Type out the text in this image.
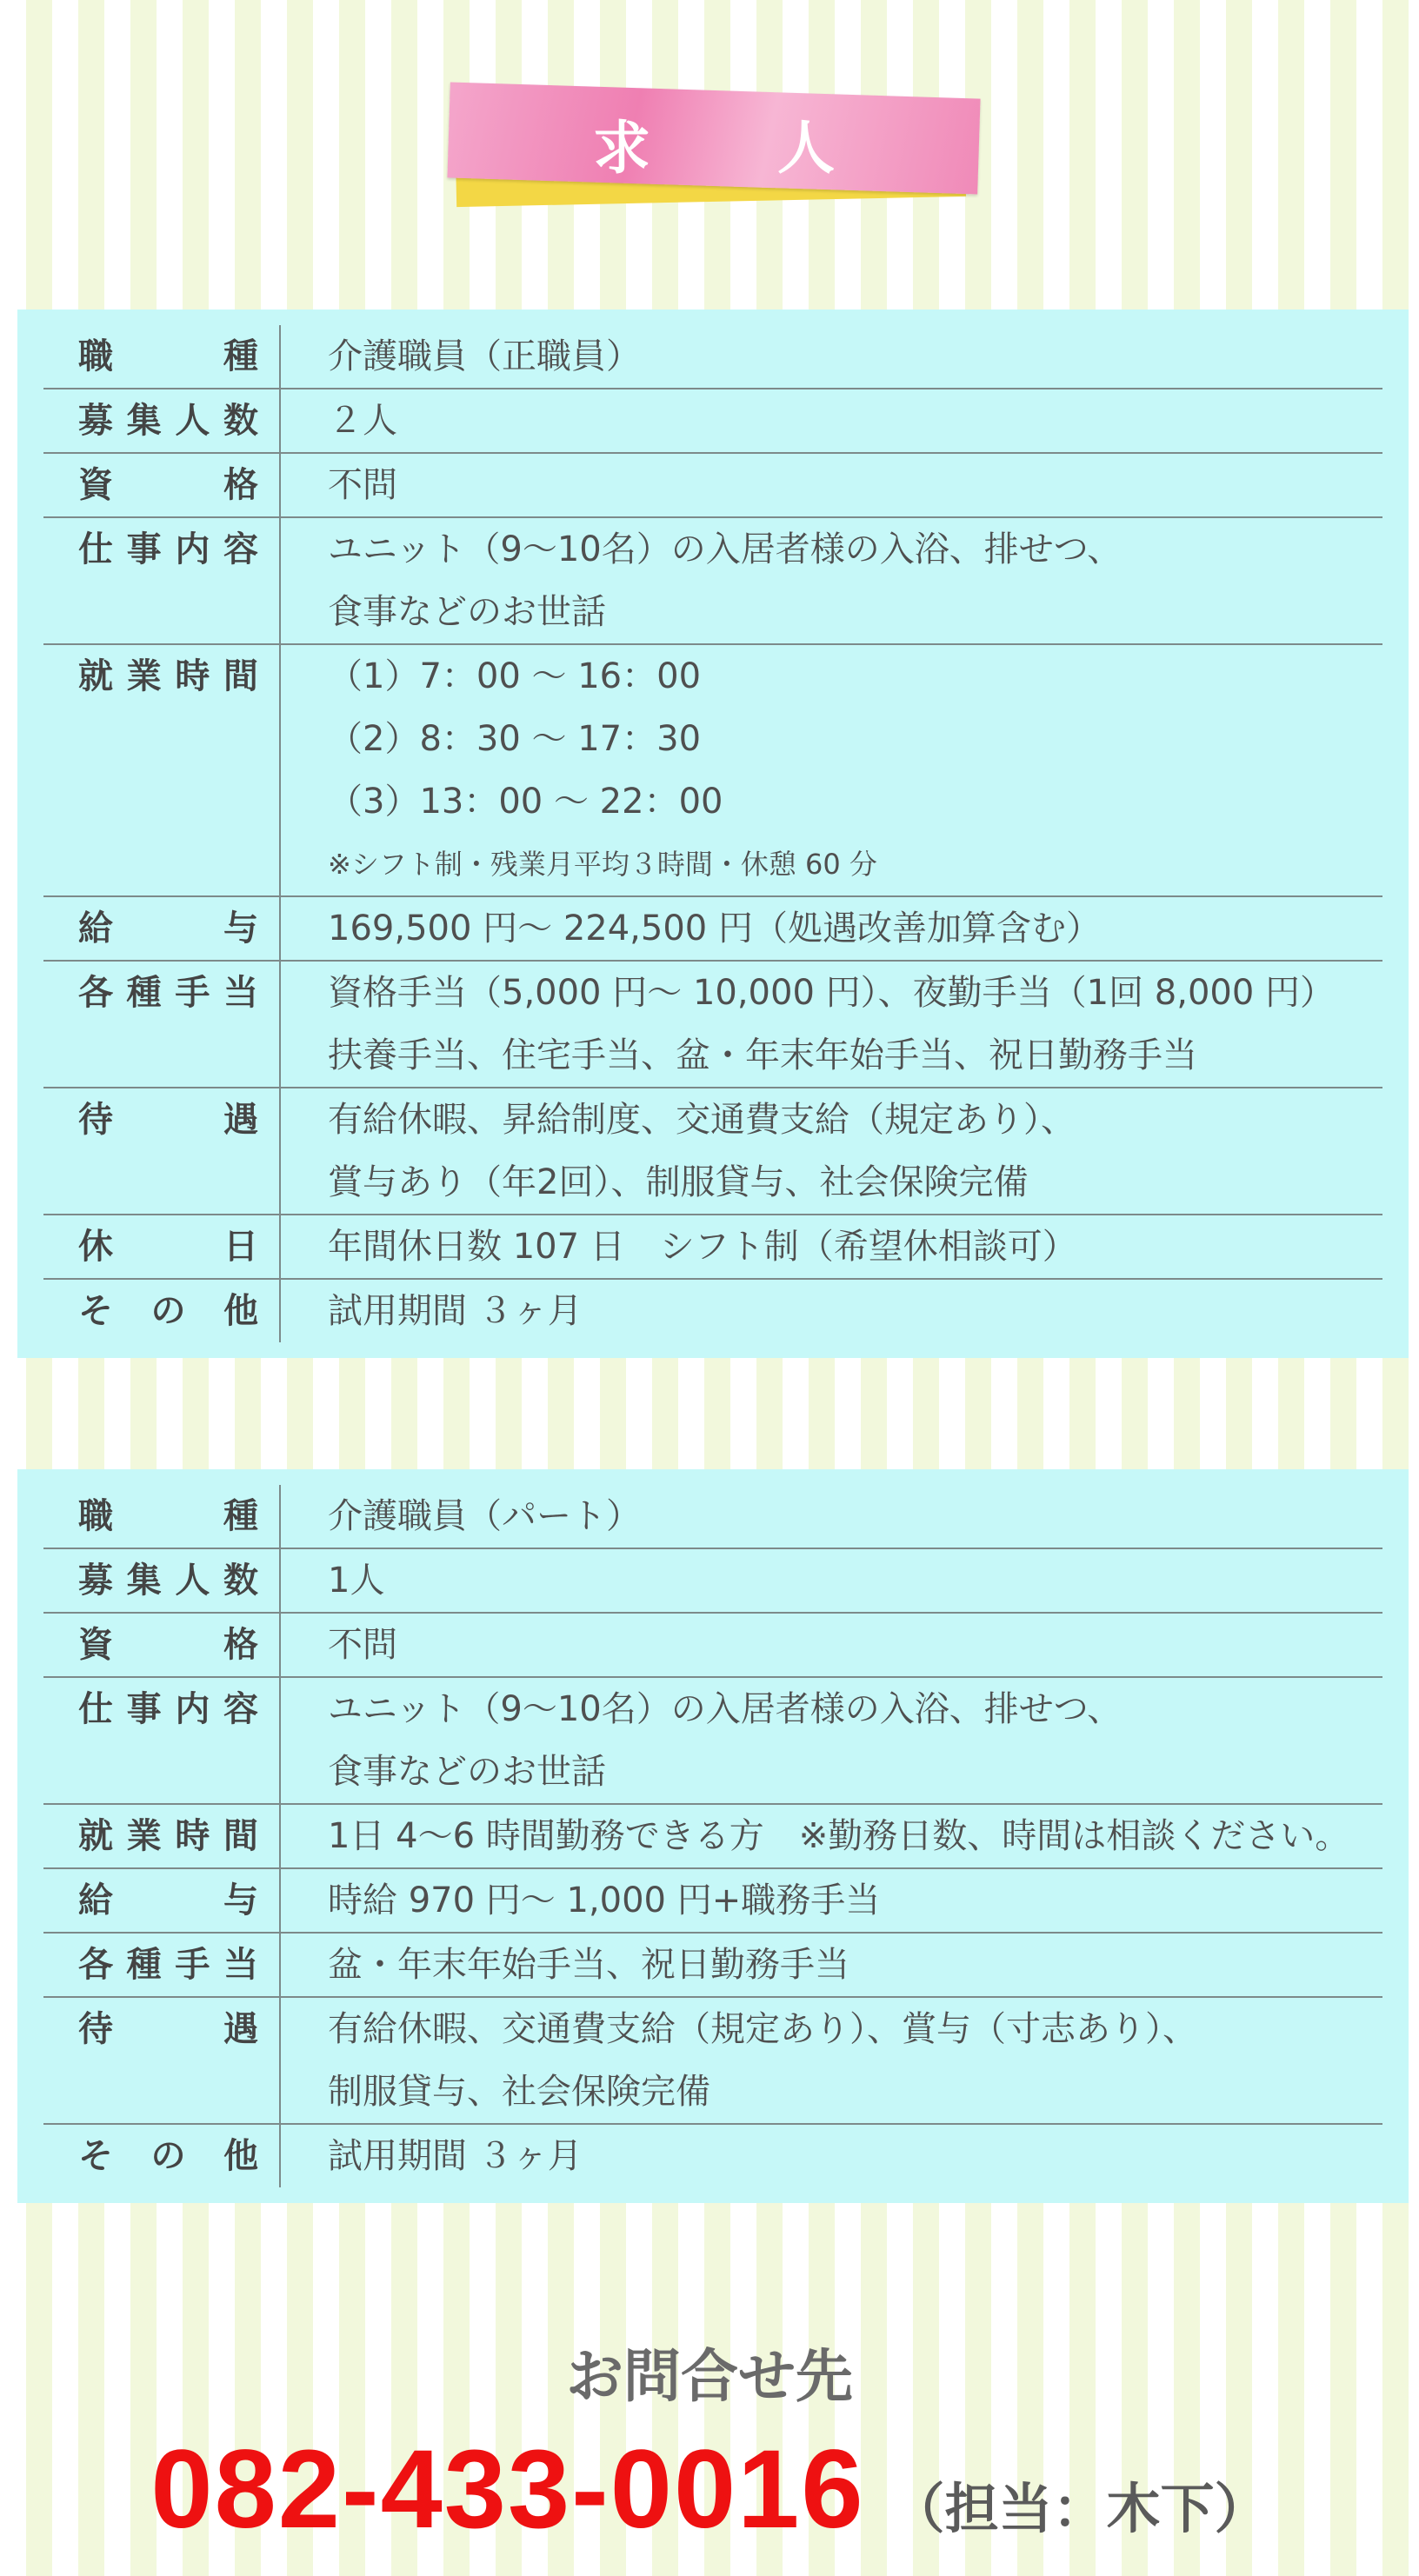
求　人
職　種	介護職員（正職員）

募集人数	２人

資　格	不問

仕事内容	ユニット（9〜10名）の入居者様の入浴、排せつ、
食事などのお世話

就業時間	（1）7：00 〜 16：00
（2）8：30 〜 17：30
（3）13：00 〜 22：00
※シフト制・残業月平均３時間・休憩 60 分

給　与	169,500 円〜 224,500 円（処遇改善加算含む）

各種手当	資格手当（5,000 円〜 10,000 円）、夜勤手当（1回 8,000 円）
扶養手当、住宅手当、盆・年末年始手当、祝日勤務手当

待　遇	有給休暇、昇給制度、交通費支給（規定あり）、
賞与あり（年2回）、制服貸与、社会保険完備

休　日	年間休日数 107 日　シフト制（希望休相談可）

その他	試用期間 ３ヶ月
職　種	介護職員（パート）

募集人数	1人

資　格	不問

仕事内容	ユニット（9〜10名）の入居者様の入浴、排せつ、
食事などのお世話

就業時間	1日 4〜6 時間勤務できる方　※勤務日数、時間は相談ください。

給　与	時給 970 円〜 1,000 円+職務手当

各種手当	盆・年末年始手当、祝日勤務手当

待　遇	有給休暇、交通費支給（規定あり）、賞与（寸志あり）、
制服貸与、社会保険完備

その他	試用期間 ３ヶ月
お問合せ先
082-433-0016 （担当：木下）
